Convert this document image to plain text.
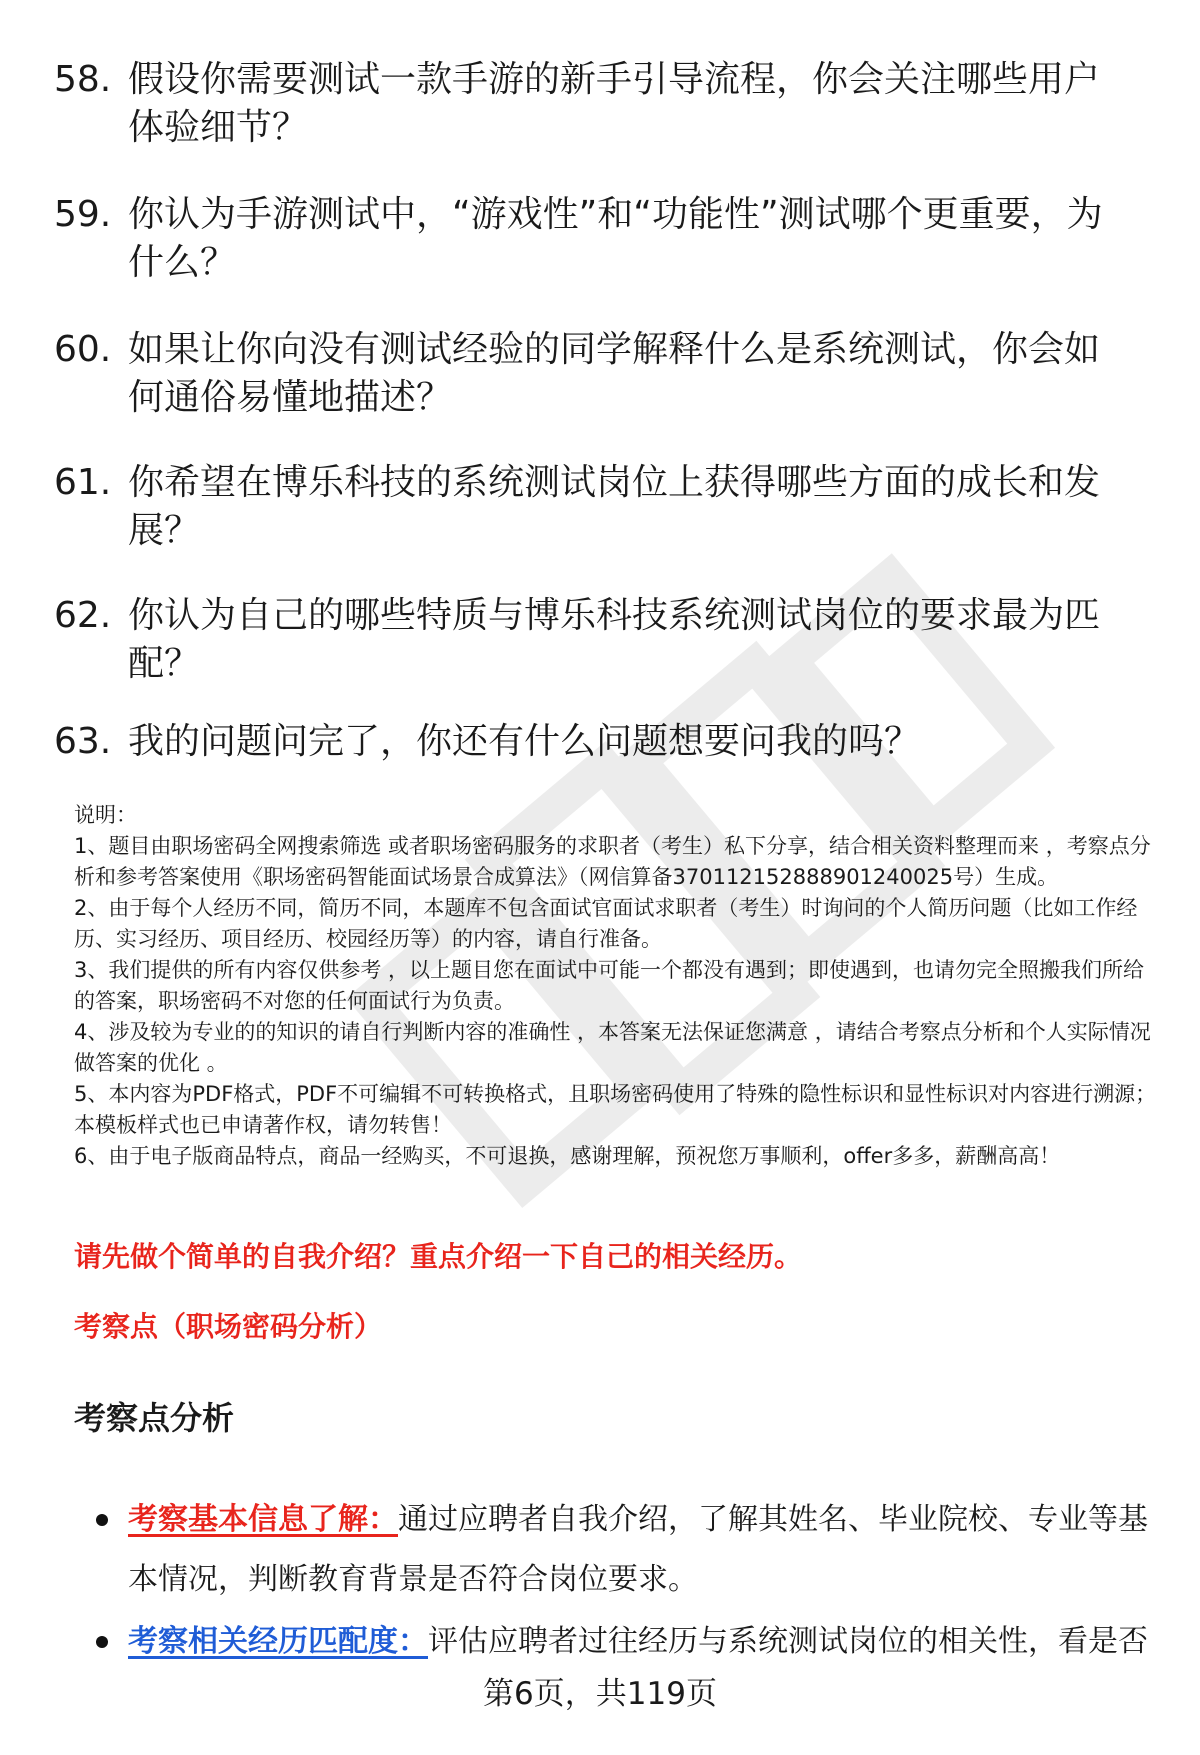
58. 假设你需要测试一款手游的新手引导流程，你会关注哪些用户体验细节？
59. 你认为手游测试中，“游戏性”和“功能性”测试哪个更重要，为什么？
60. 如果让你向没有测试经验的同学解释什么是系统测试，你会如何通俗易懂地描述？
61. 你希望在博乐科技的系统测试岗位上获得哪些方面的成长和发展？
62. 你认为自己的哪些特质与博乐科技系统测试岗位的要求最为匹配？
63. 我的问题问完了，你还有什么问题想要问我的吗？

说明：

1、题目由职场密码全网搜索筛选 或者职场密码服务的求职者（考生）私下分享，结合相关资料整理而来 ，考察点分析和参考答案使用《职场密码智能面试场景合成算法》（网信算备370112152888901240025号）生成。

2、由于每个人经历不同，简历不同，本题库不包含面试官面试求职者（考生）时询问的个人简历问题（比如工作经历、实习经历、项目经历、校园经历等）的内容，请自行准备。

3、我们提供的所有内容仅供参考 ，以上题目您在面试中可能一个都没有遇到；即使遇到，也请勿完全照搬我们所给的答案，职场密码不对您的任何面试行为负责。

4、涉及较为专业的的知识的请自行判断内容的准确性 ，本答案无法保证您满意 ，请结合考察点分析和个人实际情况做答案的优化 。

5、本内容为PDF格式，PDF不可编辑不可转换格式，且职场密码使用了特殊的隐性标识和显性标识对内容进行溯源；本模板样式也已申请著作权，请勿转售！

6、由于电子版商品特点，商品一经购买，不可退换，感谢理解，预祝您万事顺利，offer多多，薪酬高高！

请先做个简单的自我介绍？重点介绍一下自己的相关经历。
考察点（职场密码分析）
考察点分析
考察基本信息了解：通过应聘者自我介绍，了解其姓名、毕业院校、专业等基本情况，判断教育背景是否符合岗位要求。
考察相关经历匹配度：评估应聘者过往经历与系统测试岗位的相关性，看是否
第6页，共119页
